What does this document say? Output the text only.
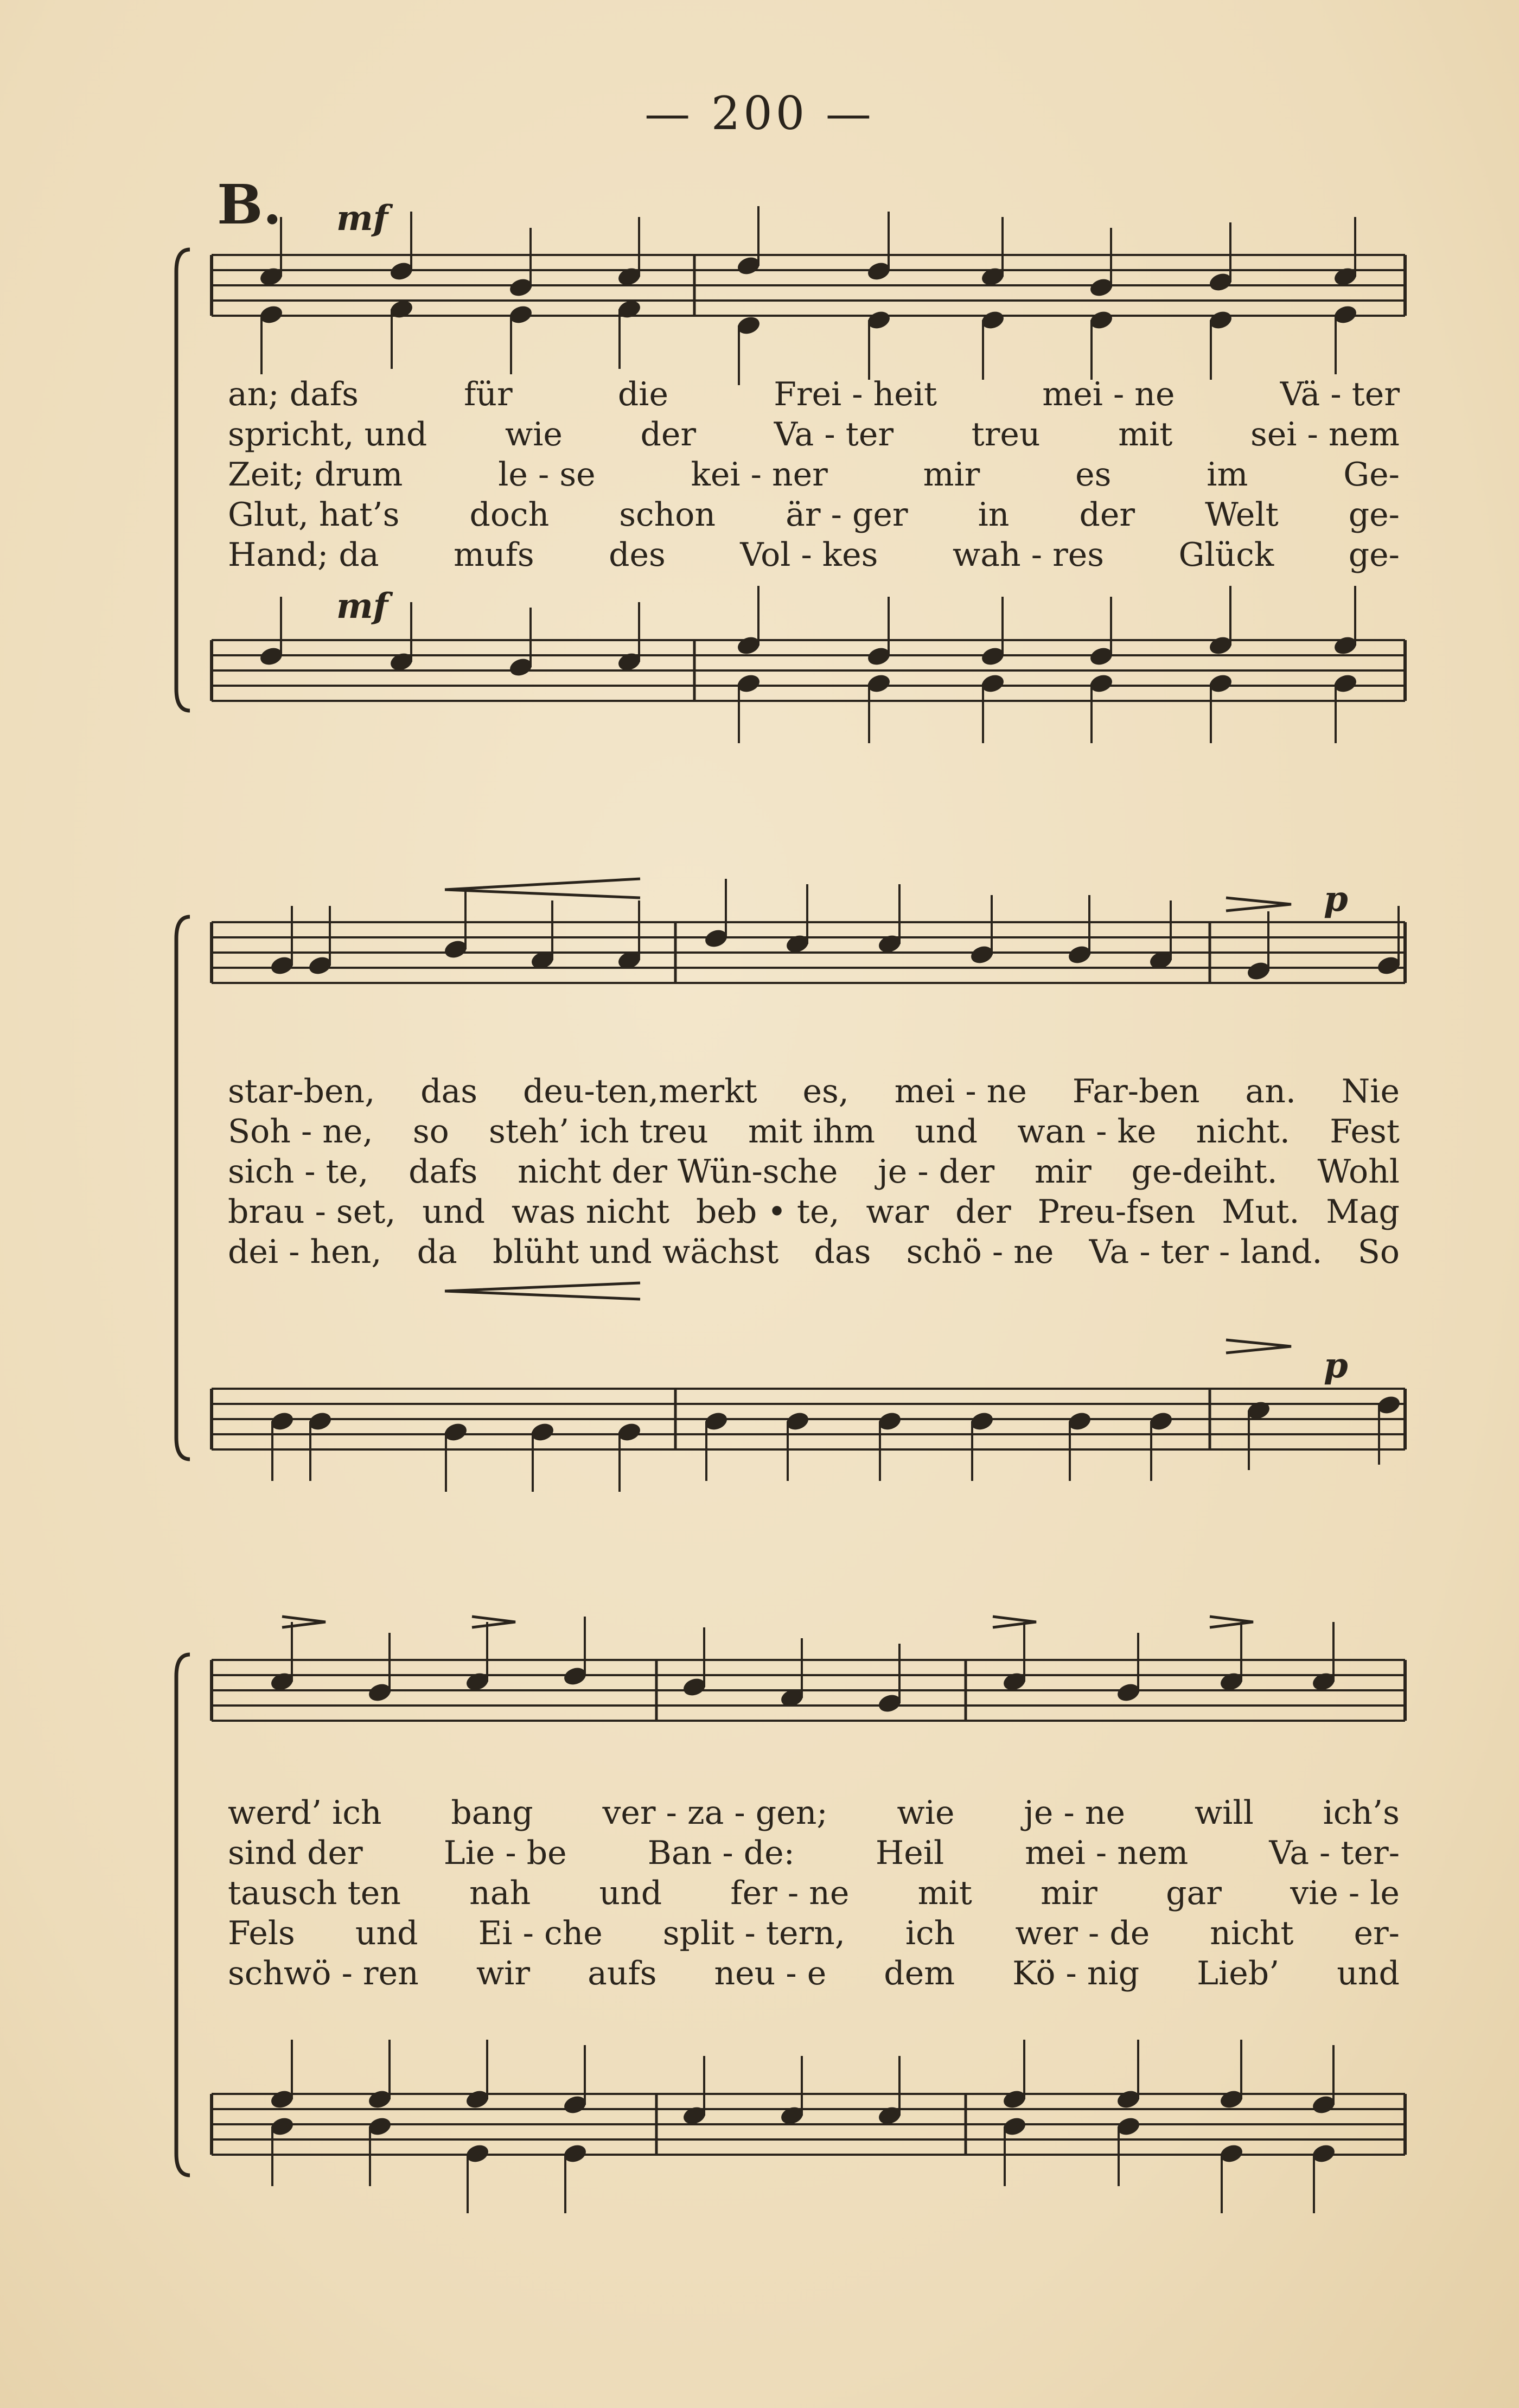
— 200 —
B. mf
mf
p
p
an; dafs	für	die	Frei - heit	mei - ne	Vä - ter
spricht, und wie der Va - ter treu mit sei - nem
Zeit; drum	le - se	kei - ner	mir	es	im	Ge-
Glut, hat’s doch schon är - ger in der Welt ge-
Hand; da mufs des Vol - kes wah - res Glück ge-
star-ben, das deu-ten,merkt es, mei - ne Far-ben an. Nie
Soh - ne, so steh’ ich treu mit ihm und wan - ke nicht. Fest
sich - te, dafs nicht der Wün-sche je - der mir ge-deiht. Wohl
brau - set, und was nicht beb • te, war der Preu-fsen Mut. Mag
dei - hen, da blüht und wächst das schö - ne Va - ter - land. So
werd’ ich bang ver - za - gen; wie je - ne will ich’s
sind der Lie - be Ban - de: Heil mei - nem Va - ter-
tausch ten nah und fer - ne mit mir gar vie - le
Fels und Ei - che split - tern, ich wer - de nicht er-
schwö - ren wir aufs neu - e dem Kö - nig Lieb’ und
